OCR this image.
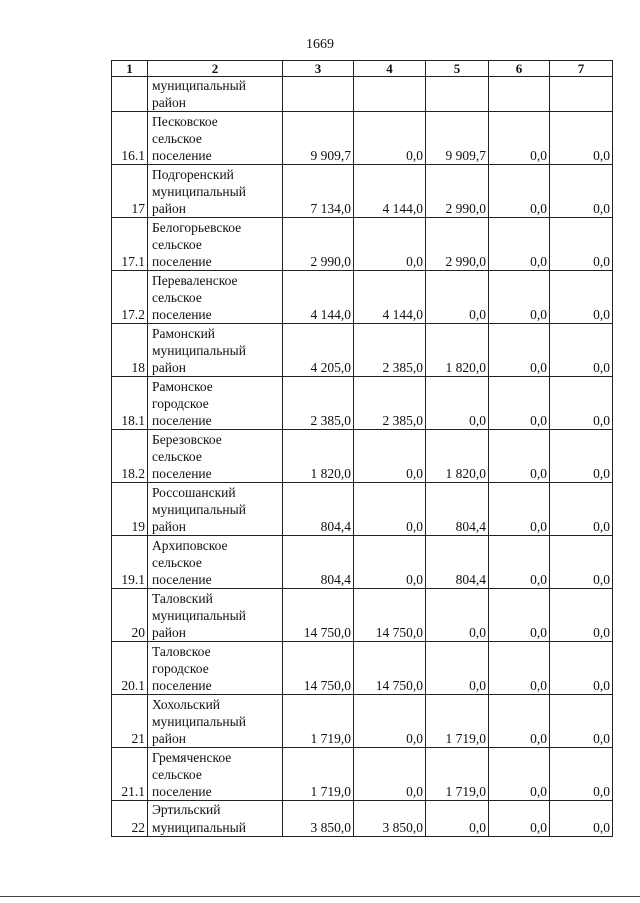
1669
1	2	3	4	5	6	7

	муниципальный
район					

16.1	Песковское
сельское
поселение	9 909,7	0,0	9 909,7	0,0	0,0
17	Подгоренский
муниципальный
район	7 134,0	4 144,0	2 990,0	0,0	0,0
17.1	Белогорьевское
сельское
поселение	2 990,0	0,0	2 990,0	0,0	0,0
17.2	Переваленское
сельское
поселение	4 144,0	4 144,0	0,0	0,0	0,0
18	Рамонский
муниципальный
район	4 205,0	2 385,0	1 820,0	0,0	0,0
18.1	Рамонское
городское
поселение	2 385,0	2 385,0	0,0	0,0	0,0
18.2	Березовское
сельское
поселение	1 820,0	0,0	1 820,0	0,0	0,0
19	Россошанский
муниципальный
район	804,4	0,0	804,4	0,0	0,0
19.1	Архиповское
сельское
поселение	804,4	0,0	804,4	0,0	0,0
20	Таловский
муниципальный
район	14 750,0	14 750,0	0,0	0,0	0,0
20.1	Таловское
городское
поселение	14 750,0	14 750,0	0,0	0,0	0,0
21	Хохольский
муниципальный
район	1 719,0	0,0	1 719,0	0,0	0,0
21.1	Гремяченское
сельское
поселение	1 719,0	0,0	1 719,0	0,0	0,0
22	Эртильский
муниципальный	3 850,0	3 850,0	0,0	0,0	0,0
